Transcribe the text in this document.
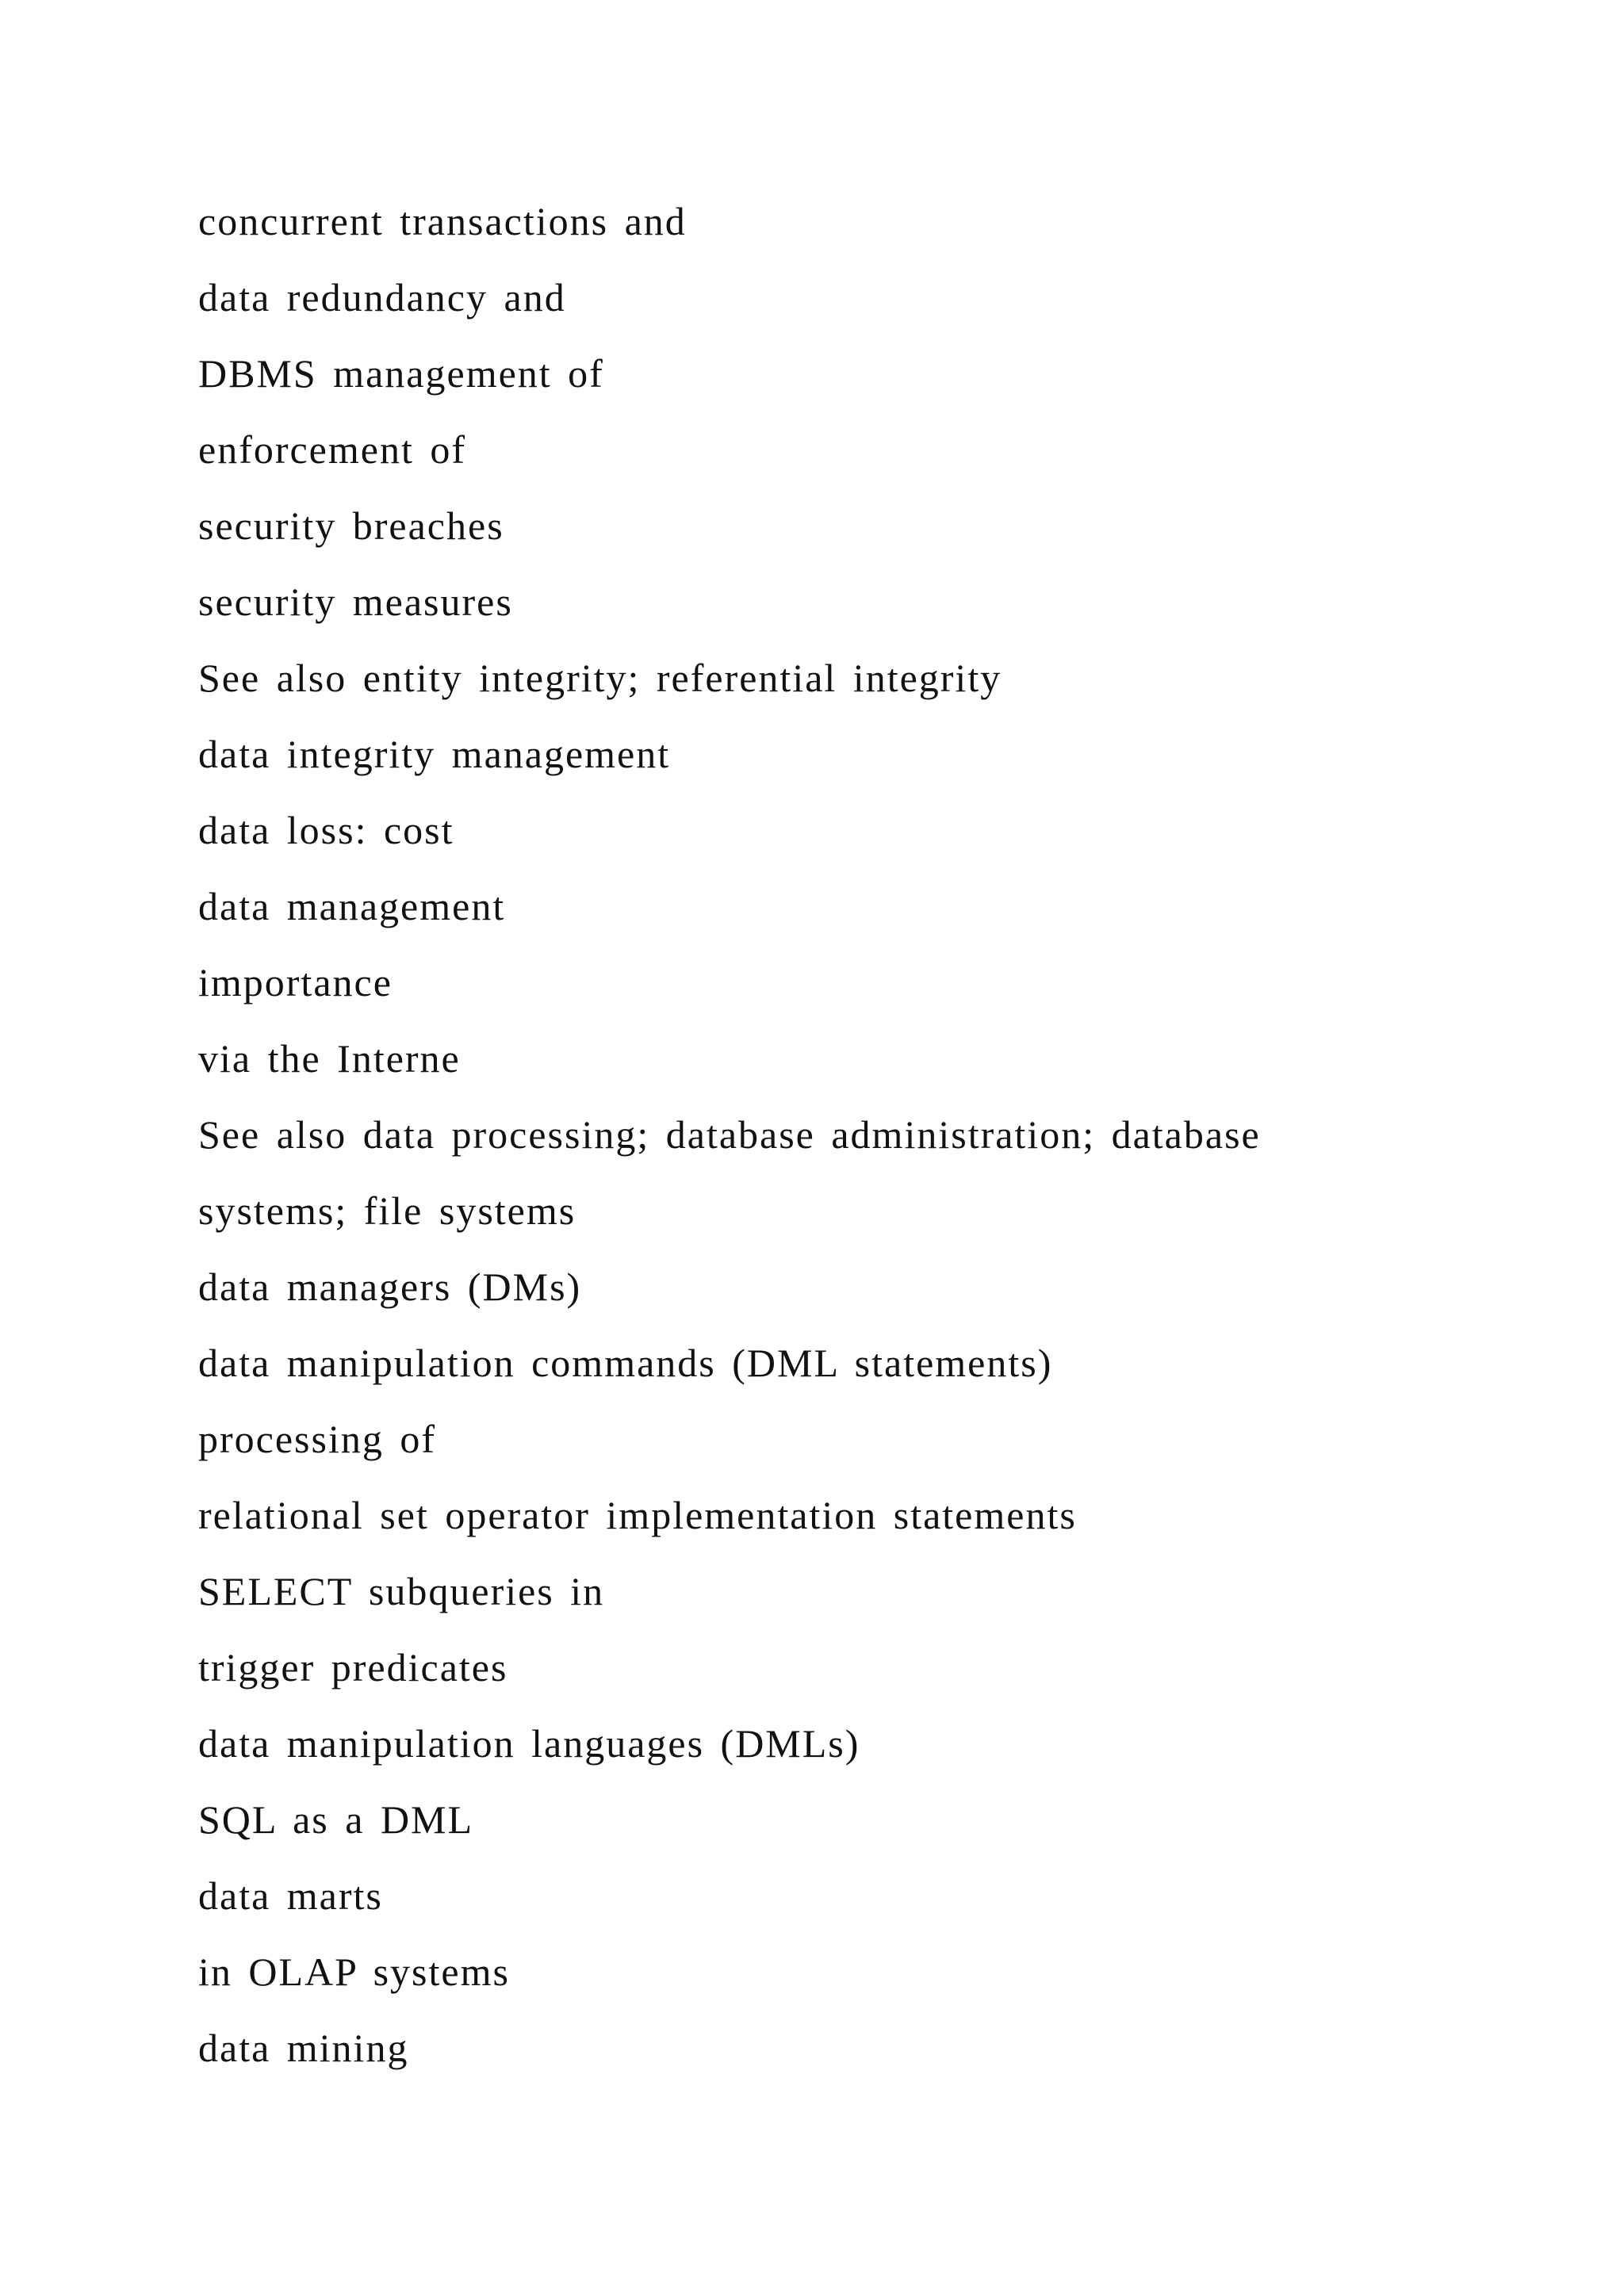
concurrent transactions and
data redundancy and
DBMS management of
enforcement of
security breaches
security measures
See also entity integrity; referential integrity
data integrity management
data loss: cost
data management
importance
via the Interne
See also data processing; database administration; database
systems; file systems
data managers (DMs)
data manipulation commands (DML statements)
processing of
relational set operator implementation statements
SELECT subqueries in
trigger predicates
data manipulation languages (DMLs)
SQL as a DML
data marts
in OLAP systems
data mining
